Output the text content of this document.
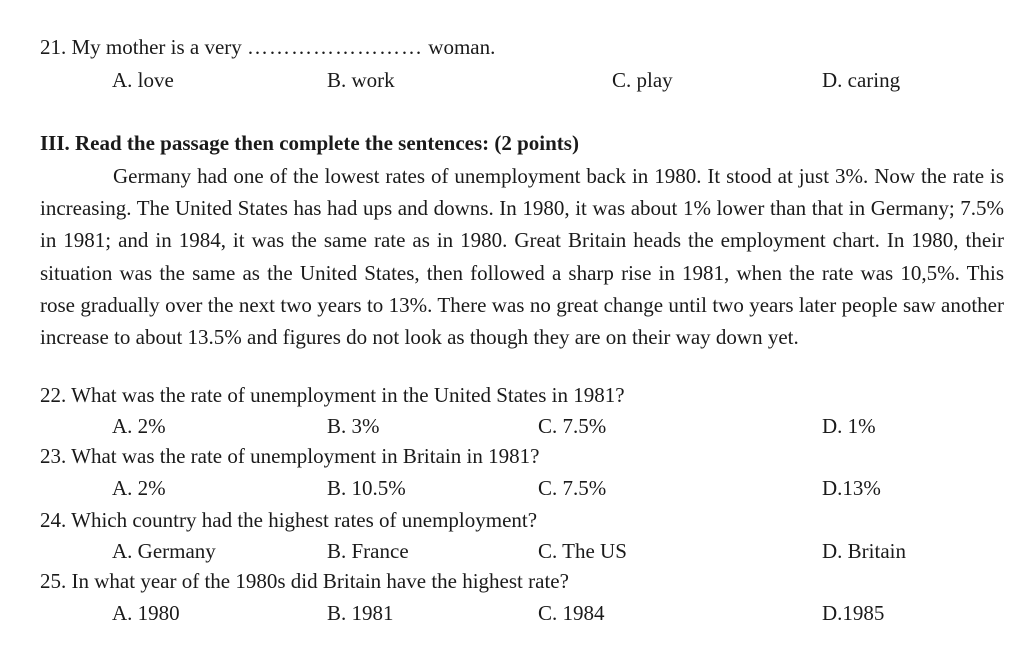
21. My mother is a very …………………… woman.
A. love	B. work	C. play	D. caring
III. Read the passage then complete the sentences: (2 points)
Germany had one of the lowest rates of unemployment back in 1980. It stood at just 3%. Now the rate is increasing. The United States has had ups and downs. In 1980, it was about 1% lower than that in Germany; 7.5% in 1981; and in 1984, it was the same rate as in 1980. Great Britain heads the employment chart. In 1980, their situation was the same as the United States, then followed a sharp rise in 1981, when the rate was 10,5%. This rose gradually over the next two years to 13%. There was no great change until two years later people saw another increase to about 13.5% and figures do not look as though they are on their way down yet.
22. What was the rate of unemployment in the United States in 1981?
A. 2%	B. 3%	C. 7.5%	D. 1%
23. What was the rate of unemployment in Britain in 1981?
A. 2%	B. 10.5%	C. 7.5%	D.13%
24. Which country had the highest rates of unemployment?
A. Germany	B. France	C. The US	D. Britain
25. In what year of the 1980s did Britain have the highest rate?
A. 1980	B. 1981	C. 1984	D.1985
